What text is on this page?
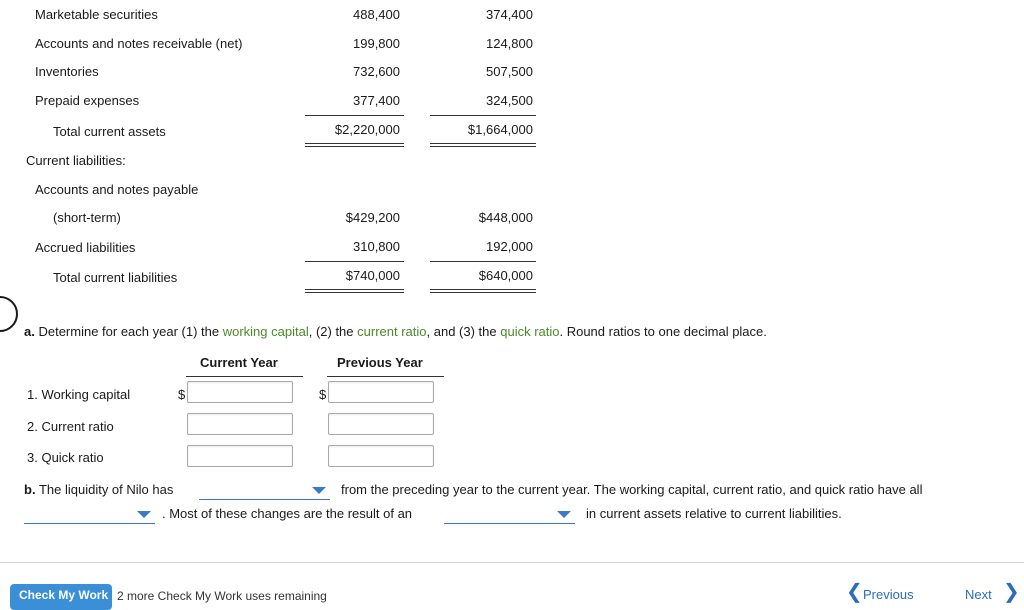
Marketable securities	488,400	374,400
Accounts and notes receivable (net)	199,800	124,800
Inventories	732,600	507,500
Prepaid expenses	377,400	324,500
Total current assets	$2,220,000	$1,664,000
Current liabilities:
Accounts and notes payable
(short-term)	$429,200	$448,000
Accrued liabilities	310,800	192,000
Total current liabilities	$740,000	$640,000
a. Determine for each year (1) the working capital, (2) the current ratio, and (3) the quick ratio. Round ratios to one decimal place.
Current Year	Previous Year
1. Working capital	$	$
2. Current ratio
3. Quick ratio
b. The liquidity of Nilo has	from the preceding year to the current year. The working capital, current ratio, and quick ratio have all
. Most of these changes are the result of an	in current assets relative to current liabilities.
Check My Work 2 more Check My Work uses remaining	❮ Previous	Next ❯
